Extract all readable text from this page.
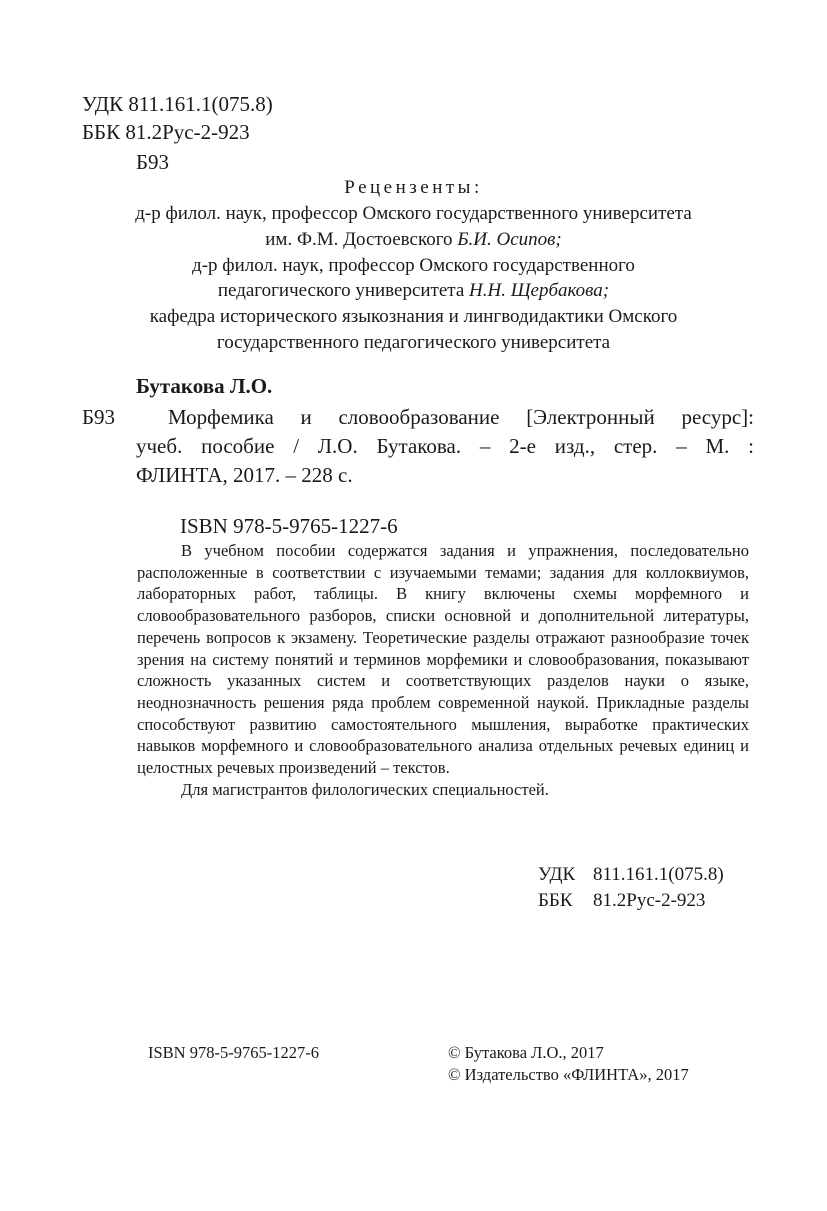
УДК 811.161.1(075.8)
ББК 81.2Рус-2-923
Б93
Рецензенты:
д-р филол. наук, профессор Омского государственного университета
им. Ф.М. Достоевского Б.И. Осипов;
д-р филол. наук, профессор Омского государственного
педагогического университета Н.Н. Щербакова;
кафедра исторического языкознания и лингводидактики Омского
государственного педагогического университета
Бутакова Л.О.
Б93	Морфемика и словообразование [Электронный ресурс]:
учеб. пособие / Л.О. Бутакова. – 2-е изд., стер. – М. :
ФЛИНТА, 2017. – 228 с.
ISBN 978-5-9765-1227-6

В учебном пособии содержатся задания и упражнения, последовательно расположенные в соответствии с изучаемыми темами; задания для коллоквиумов, лабораторных работ, таблицы. В книгу включены схемы морфемного и словообразовательного разборов, списки основной и дополнительной литературы, перечень вопросов к экзамену. Теоретические разделы отражают разнообразие точек зрения на систему понятий и терминов морфемики и словообразования, показывают сложность указанных систем и соответствующих разделов науки о языке, неоднозначность решения ряда проблем современной наукой. Прикладные разделы способствуют развитию самостоятельного мышления, выработке практических навыков морфемного и словообразовательного анализа отдельных речевых единиц и целостных речевых произведений – текстов.

Для магистрантов филологических специальностей.

УДК 811.161.1(075.8)
ББК 81.2Рус-2-923
ISBN 978-5-9765-1227-6	© Бутакова Л.О., 2017
© Издательство «ФЛИНТА», 2017
